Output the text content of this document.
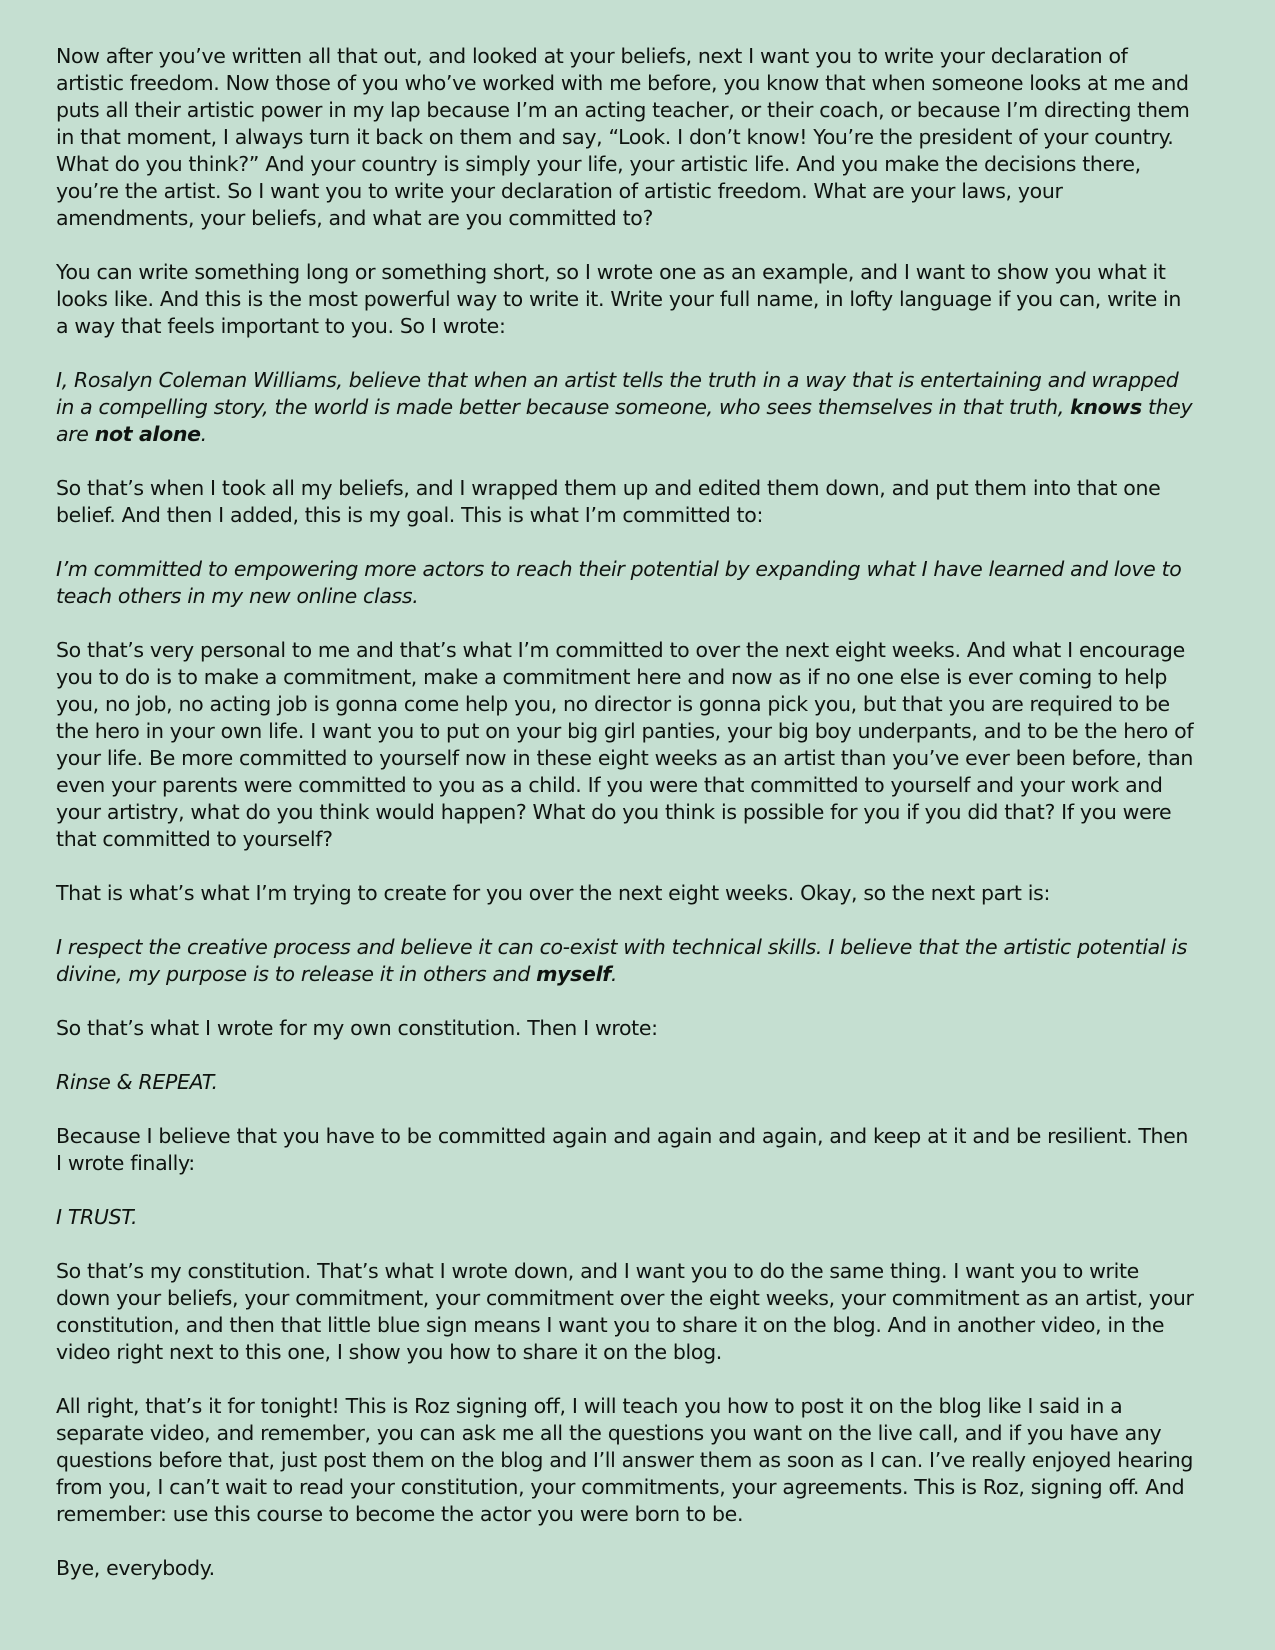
Now after you’ve written all that out, and looked at your beliefs, next I want you to write your declaration of artistic freedom. Now those of you who’ve worked with me before, you know that when someone looks at me and puts all their artistic power in my lap because I’m an acting teacher, or their coach, or because I’m directing them in that moment, I always turn it back on them and say, “Look. I don’t know! You’re the president of your country. What do you think?” And your country is simply your life, your artistic life. And you make the decisions there, you’re the artist. So I want you to write your declaration of artistic freedom. What are your laws, your amendments, your beliefs, and what are you committed to?

You can write something long or something short, so I wrote one as an example, and I want to show you what it looks like. And this is the most powerful way to write it. Write your full name, in lofty language if you can, write in a way that feels important to you. So I wrote:

I, Rosalyn Coleman Williams, believe that when an artist tells the truth in a way that is entertaining and wrapped in a compelling story, the world is made better because someone, who sees themselves in that truth, knows they are not alone.

So that’s when I took all my beliefs, and I wrapped them up and edited them down, and put them into that one belief. And then I added, this is my goal. This is what I’m committed to:

I’m committed to empowering more actors to reach their potential by expanding what I have learned and love to teach others in my new online class.

So that’s very personal to me and that’s what I’m committed to over the next eight weeks. And what I encourage you to do is to make a commitment, make a commitment here and now as if no one else is ever coming to help you, no job, no acting job is gonna come help you, no director is gonna pick you, but that you are required to be the hero in your own life. I want you to put on your big girl panties, your big boy underpants, and to be the hero of your life. Be more committed to yourself now in these eight weeks as an artist than you’ve ever been before, than even your parents were committed to you as a child. If you were that committed to yourself and your work and your artistry, what do you think would happen? What do you think is possible for you if you did that? If you were that committed to yourself?

That is what’s what I’m trying to create for you over the next eight weeks. Okay, so the next part is:

I respect the creative process and believe it can co-exist with technical skills. I believe that the artistic potential is divine, my purpose is to release it in others and myself.

So that’s what I wrote for my own constitution. Then I wrote:

Rinse & REPEAT.

Because I believe that you have to be committed again and again and again, and keep at it and be resilient. Then I wrote finally:

I TRUST.

So that’s my constitution. That’s what I wrote down, and I want you to do the same thing. I want you to write down your beliefs, your commitment, your commitment over the eight weeks, your commitment as an artist, your constitution, and then that little blue sign means I want you to share it on the blog. And in another video, in the video right next to this one, I show you how to share it on the blog.

All right, that’s it for tonight! This is Roz signing off, I will teach you how to post it on the blog like I said in a separate video, and remember, you can ask me all the questions you want on the live call, and if you have any questions before that, just post them on the blog and I’ll answer them as soon as I can. I’ve really enjoyed hearing from you, I can’t wait to read your constitution, your commitments, your agreements. This is Roz, signing off. And remember: use this course to become the actor you were born to be.

Bye, everybody.
